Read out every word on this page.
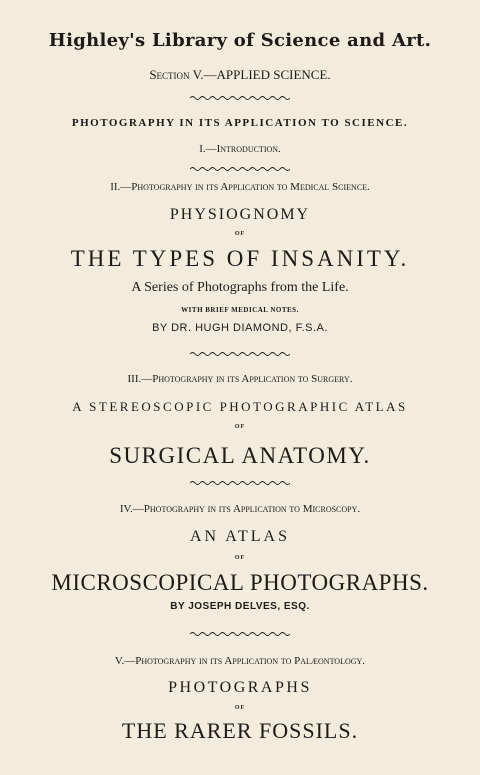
Highley's Library of Science and Art.
Section V.—APPLIED SCIENCE.
PHOTOGRAPHY IN ITS APPLICATION TO SCIENCE.
I.—Introduction.
II.—Photography in its Application to Medical Science.
PHYSIOGNOMY
OF
THE TYPES OF INSANITY.
A Series of Photographs from the Life.
WITH BRIEF MEDICAL NOTES.
BY DR. HUGH DIAMOND, F.S.A.
III.—Photography in its Application to Surgery.
A STEREOSCOPIC PHOTOGRAPHIC ATLAS
OF
SURGICAL ANATOMY.
IV.—Photography in its Application to Microscopy.
AN ATLAS
OF
MICROSCOPICAL PHOTOGRAPHS.
BY JOSEPH DELVES, ESQ.
V.—Photography in its Application to Palæontology.
PHOTOGRAPHS
OF
THE RARER FOSSILS.
